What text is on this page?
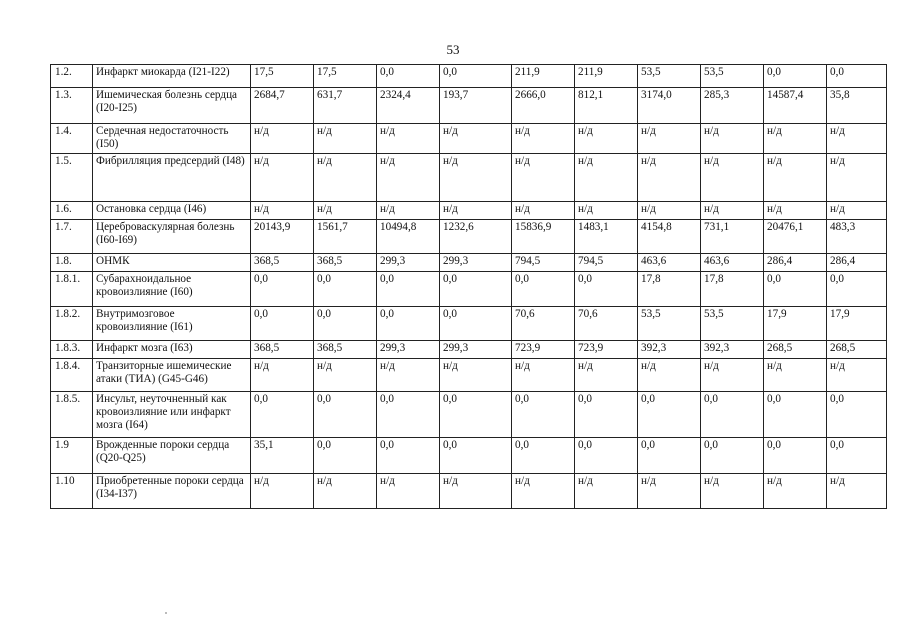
53
1.2.	Инфаркт миокарда (I21-I22)	17,5	17,5	0,0	0,0	211,9	211,9	53,5	53,5	0,0	0,0
1.3.	Ишемическая болезнь сердца (I20-I25)	2684,7	631,7	2324,4	193,7	2666,0	812,1	3174,0	285,3	14587,4	35,8
1.4.	Сердечная недостаточность (I50)	н/д	н/д	н/д	н/д	н/д	н/д	н/д	н/д	н/д	н/д
1.5.	Фибрилляция предсердий (I48)	н/д	н/д	н/д	н/д	н/д	н/д	н/д	н/д	н/д	н/д
1.6.	Остановка сердца (I46)	н/д	н/д	н/д	н/д	н/д	н/д	н/д	н/д	н/д	н/д
1.7.	Цереброваскулярная болезнь (I60-I69)	20143,9	1561,7	10494,8	1232,6	15836,9	1483,1	4154,8	731,1	20476,1	483,3
1.8.	ОНМК	368,5	368,5	299,3	299,3	794,5	794,5	463,6	463,6	286,4	286,4
1.8.1.	Субарахноидальное кровоизлияние (I60)	0,0	0,0	0,0	0,0	0,0	0,0	17,8	17,8	0,0	0,0
1.8.2.	Внутримозговое кровоизлияние (I61)	0,0	0,0	0,0	0,0	70,6	70,6	53,5	53,5	17,9	17,9
1.8.3.	Инфаркт мозга (I63)	368,5	368,5	299,3	299,3	723,9	723,9	392,3	392,3	268,5	268,5
1.8.4.	Транзиторные ишемические атаки (ТИА) (G45-G46)	н/д	н/д	н/д	н/д	н/д	н/д	н/д	н/д	н/д	н/д
1.8.5.	Инсульт, неуточненный как кровоизлияние или инфаркт мозга (I64)	0,0	0,0	0,0	0,0	0,0	0,0	0,0	0,0	0,0	0,0
1.9	Врожденные пороки сердца (Q20-Q25)	35,1	0,0	0,0	0,0	0,0	0,0	0,0	0,0	0,0	0,0
1.10	Приобретенные пороки сердца (I34-I37)	н/д	н/д	н/д	н/д	н/д	н/д	н/д	н/д	н/д	н/д
